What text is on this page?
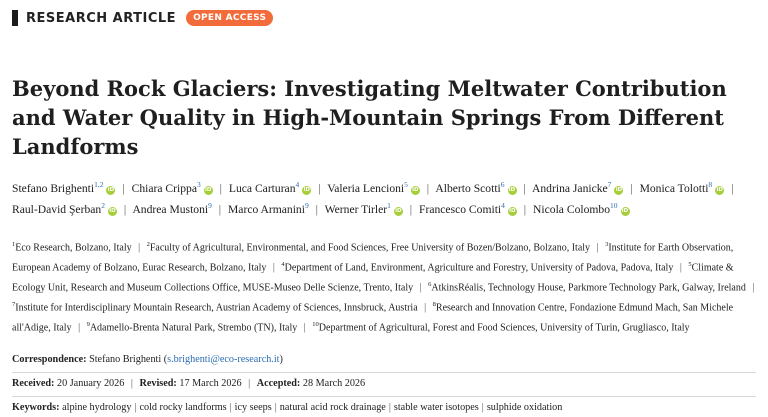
RESEARCH ARTICLE	OPEN ACCESS
Beyond Rock Glaciers: Investigating Meltwater Contribution and Water Quality in High-Mountain Springs From Different Landforms
Stefano Brighenti$^{1,2}$iD | Chiara Crippa$^3$iD | Luca Carturan$^4$iD | Valeria Lencioni$^5$iD | Alberto Scotti$^6$iD | Andrina Janicke$^7$iD | Monica Tolotti$^8$iD | Raul-David Şerban$^2$iD | Andrea Mustoni$^9$ | Marco Armanini$^9$ | Werner Tirler$^1$iD | Francesco Comiti$^4$iD | Nicola Colombo$^{10}$iD
$^1$Eco Research, Bolzano, Italy | $^2$Faculty of Agricultural, Environmental, and Food Sciences, Free University of Bozen/Bolzano, Bolzano, Italy | $^3$Institute for Earth Observation, European Academy of Bolzano, Eurac Research, Bolzano, Italy | $^4$Department of Land, Environment, Agriculture and Forestry, University of Padova, Padova, Italy | $^5$Climate & Ecology Unit, Research and Museum Collections Office, MUSE-Museo Delle Scienze, Trento, Italy | $^6$AtkinsRéalis, Technology House, Parkmore Technology Park, Galway, Ireland | $^7$Institute for Interdisciplinary Mountain Research, Austrian Academy of Sciences, Innsbruck, Austria | $^8$Research and Innovation Centre, Fondazione Edmund Mach, San Michele all'Adige, Italy | $^9$Adamello-Brenta Natural Park, Strembo (TN), Italy | $^{10}$Department of Agricultural, Forest and Food Sciences, University of Turin, Grugliasco, Italy
Correspondence: Stefano Brighenti (s.brighenti@eco-research.it)
Received: 20 January 2026 | Revised: 17 March 2026 | Accepted: 28 March 2026
Keywords: alpine hydrology | cold rocky landforms | icy seeps | natural acid rock drainage | stable water isotopes | sulphide oxidation
